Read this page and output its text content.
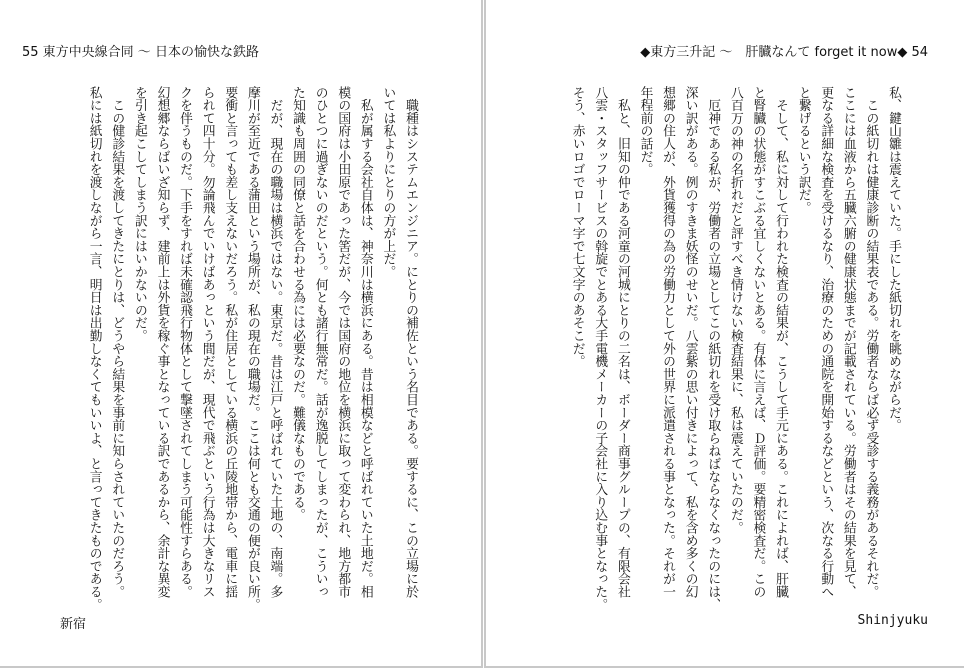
55 東方中央線合同 ～ 日本の愉快な鉄路
　職種はシステムエンジニア。にとりの補佐という名目である。要するに、この立場に於
いては私よりにとりの方が上だ。
　私が属する会社自体は、神奈川は横浜にある。昔は相模などと呼ばれていた土地だ。相
模の国府は小田原であった筈だが、今では国府の地位を横浜に取って変わられ、地方都市
のひとつに過ぎないのだという。何とも諸行無常だ。話が逸脱してしまったが、こういっ
た知識も周囲の同僚と話を合わせる為には必要なのだ。難儀なものである。
　だが、現在の職場は横浜ではない。東京だ。昔は江戸と呼ばれていた土地の、南端。多
摩川が至近である蒲田という場所が、私の現在の職場だ。ここは何とも交通の便が良い所。
要衝と言っても差し支えないだろう。私が住居としている横浜の丘陵地帯から、電車に揺
られて四十分。勿論飛んでいけばあっという間だが、現代で飛ぶという行為は大きなリス
クを伴うものだ。下手をすれば未確認飛行物体として撃墜されてしまう可能性すらある。
幻想郷ならばいざ知らず、建前上は外貨を稼ぐ事となっている訳であるから、余計な異変
を引き起こしてしまう訳にはいかないのだ。
　この健診結果を渡してきたにとりは、どうやら結果を事前に知らされていたのだろう。
私には紙切れを渡しながら一言、明日は出勤しなくてもいいよ、と言ってきたものである。
新宿
◆東方三升記 ～　肝臓なんて forget it now◆ 54
私、鍵山雛は震えていた。手にした紙切れを眺めながらだ。
　この紙切れは健康診断の結果表である。労働者ならば必ず受診する義務があるそれだ。
ここには血液から五臓六腑の健康状態までが記載されている。労働者はその結果を見て、
更なる詳細な検査を受けるなり、治療のための通院を開始するなどという、次なる行動へ
と繋げるという訳だ。
　そして、私に対して行われた検査の結果が、こうして手元にある。これによれば、肝臓
と腎臓の状態がすこぶる宜しくないとある。有体に言えば、Ｄ評価。要精密検査だ。この
八百万の神の名折れだと評すべき情けない検査結果に、私は震えていたのだ。
　厄神である私が、労働者の立場としてこの紙切れを受け取らねばならなくなったのには、
深い訳がある。例のすきま妖怪のせいだ。八雲紫の思い付きによって、私を含め多くの幻
想郷の住人が、外貨獲得の為の労働力として外の世界に派遣される事となった。それが一
年程前の話だ。
　私と、旧知の仲である河童の河城にとりの二名は、ボーダー商事グループの、有限会社
八雲・スタッフサービスの斡旋でとある大手電機メーカーの子会社に入り込む事となった。
そう、赤いロゴでローマ字で七文字のあそこだ。
Shinjyuku
